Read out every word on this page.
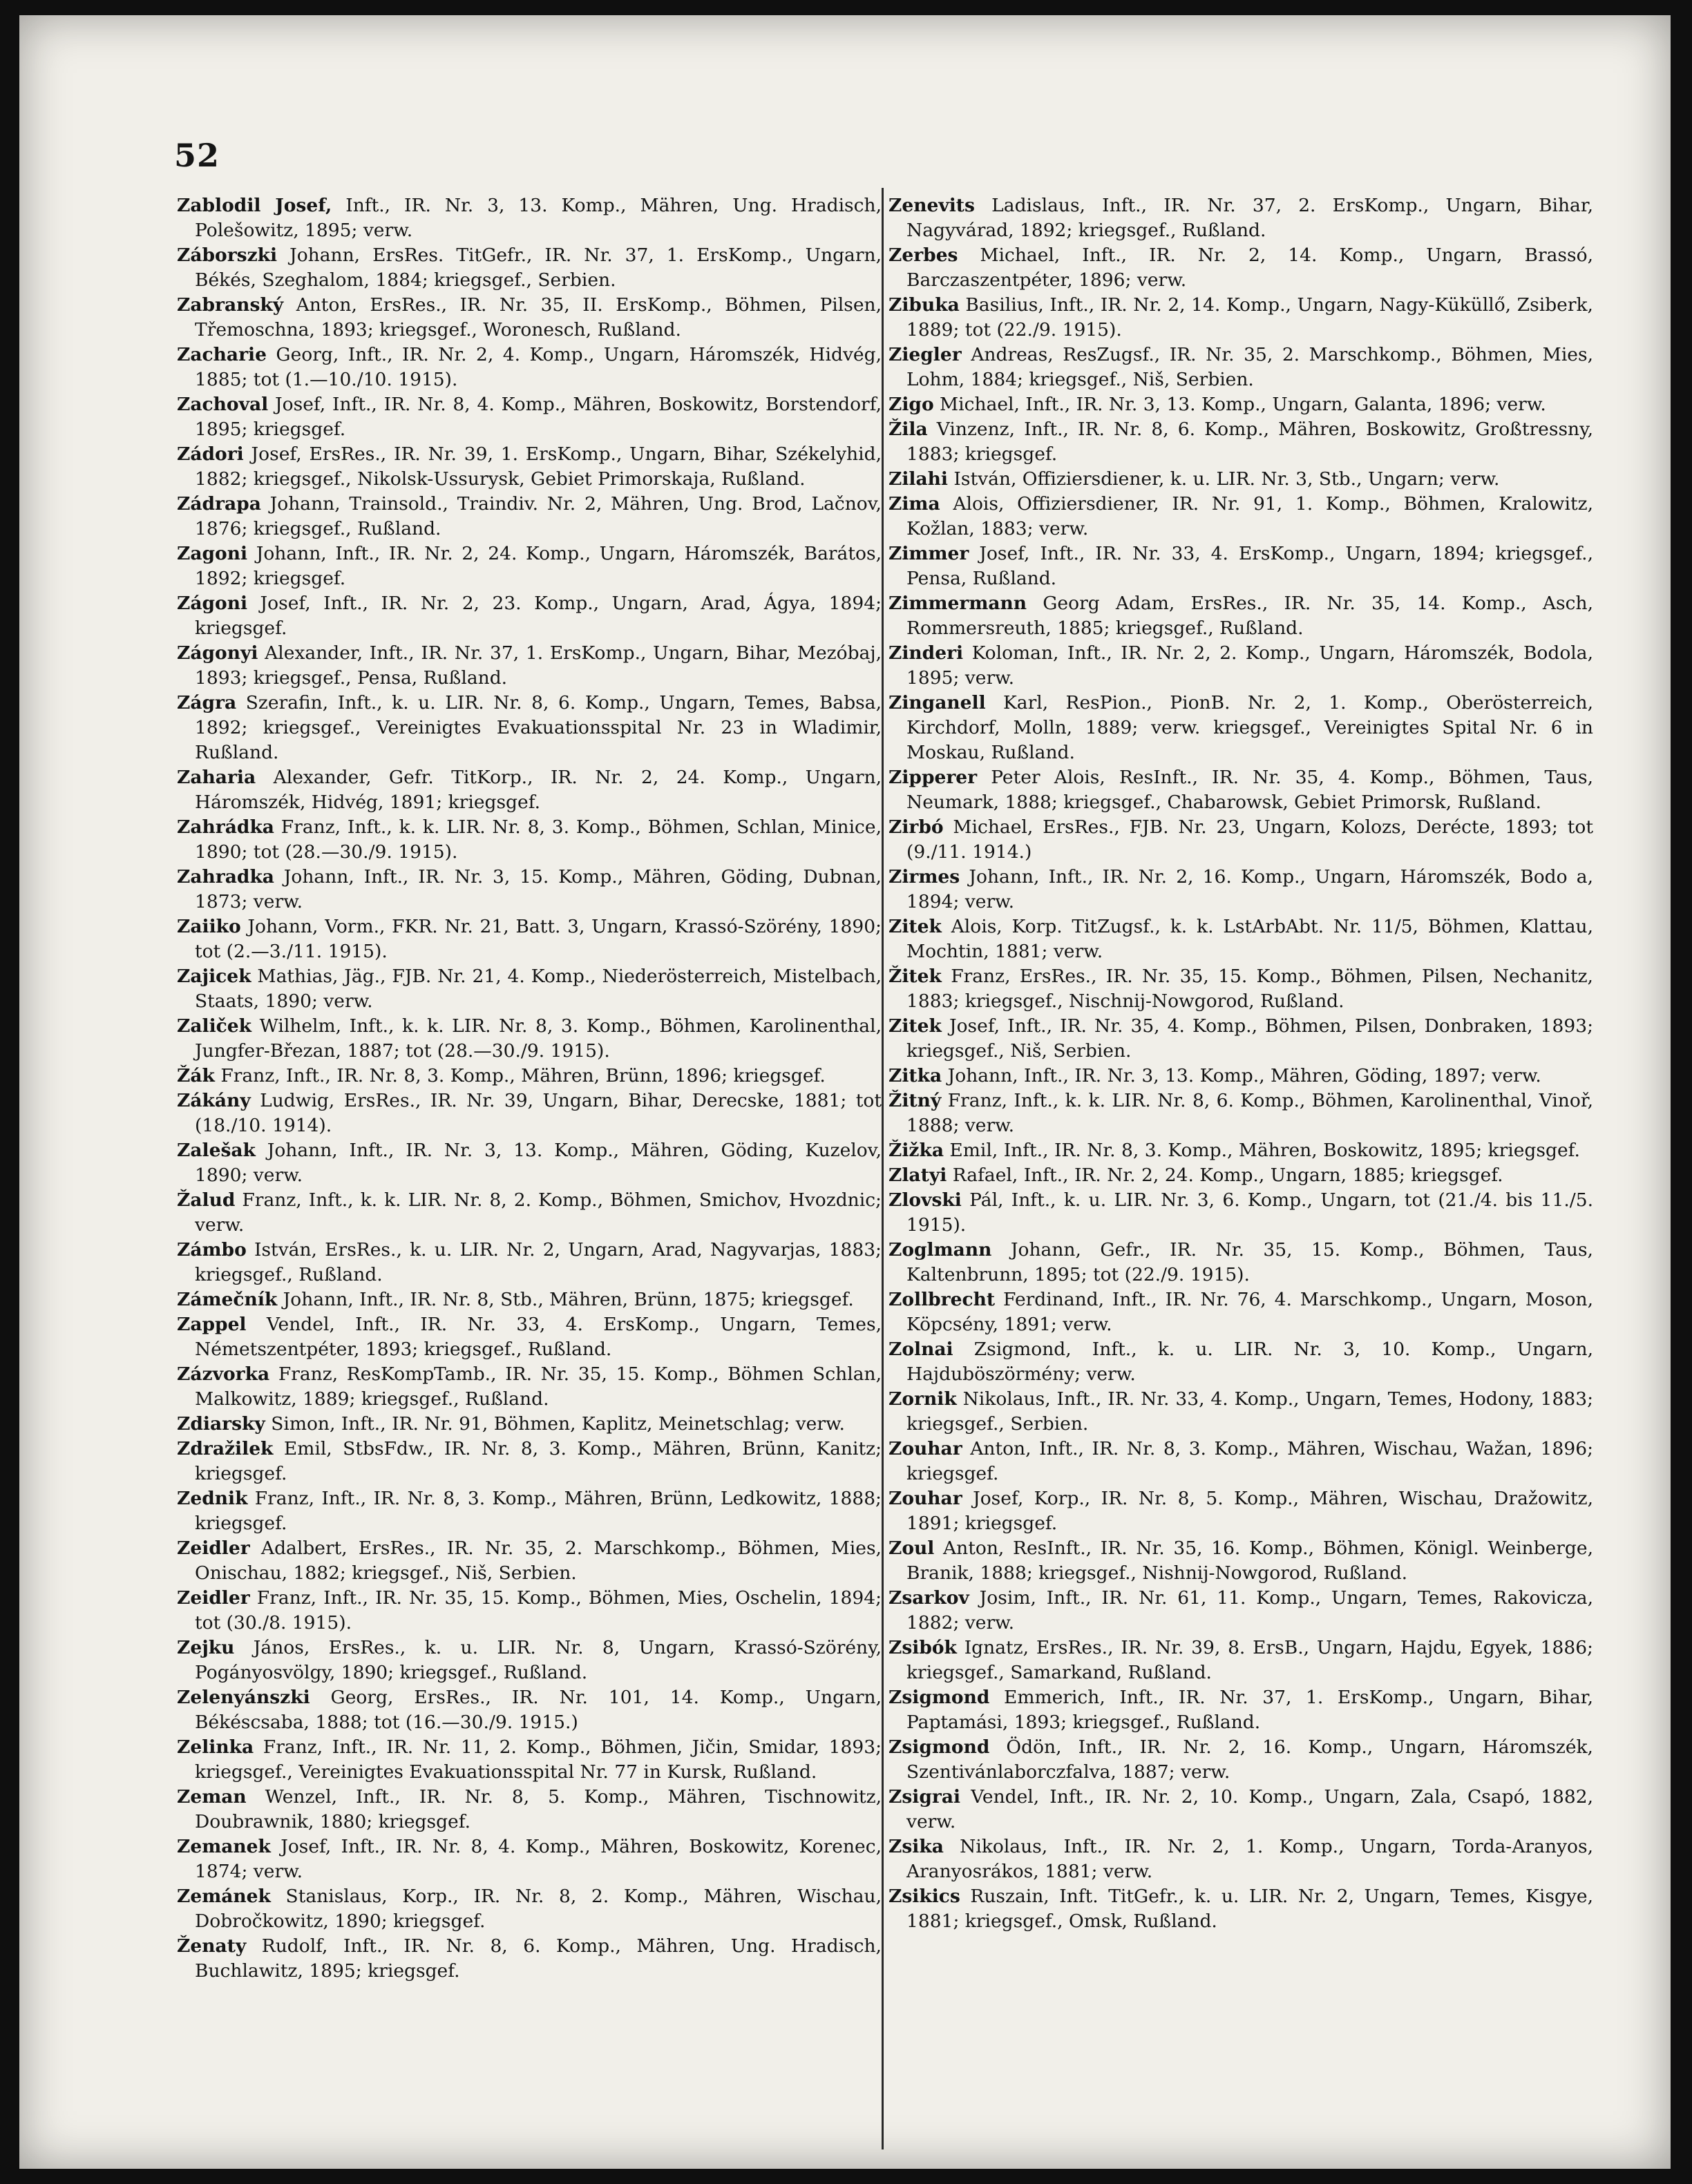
52
Zablodil Josef, Inft., IR. Nr. 3, 13. Komp., Mähren, Ung. Hradisch, Polešowitz, 1895; verw.
Záborszki Johann, ErsRes. TitGefr., IR. Nr. 37, 1. ErsKomp., Ungarn, Békés, Szeghalom, 1884; kriegsgef., Serbien.
Zabranský Anton, ErsRes., IR. Nr. 35, II. ErsKomp., Böhmen, Pilsen, Třemoschna, 1893; kriegsgef., Woronesch, Rußland.
Zacharie Georg, Inft., IR. Nr. 2, 4. Komp., Ungarn, Háromszék, Hidvég, 1885; tot (1.—10./10. 1915).
Zachoval Josef, Inft., IR. Nr. 8, 4. Komp., Mähren, Boskowitz, Borstendorf, 1895; kriegsgef.
Zádori Josef, ErsRes., IR. Nr. 39, 1. ErsKomp., Ungarn, Bihar, Székelyhid, 1882; kriegsgef., Nikolsk-Ussurysk, Gebiet Primorskaja, Rußland.
Zádrapa Johann, Trainsold., Traindiv. Nr. 2, Mähren, Ung. Brod, Lačnov, 1876; kriegsgef., Rußland.
Zagoni Johann, Inft., IR. Nr. 2, 24. Komp., Ungarn, Háromszék, Barátos, 1892; kriegsgef.
Zágoni Josef, Inft., IR. Nr. 2, 23. Komp., Ungarn, Arad, Ágya, 1894; kriegsgef.
Zágonyi Alexander, Inft., IR. Nr. 37, 1. ErsKomp., Ungarn, Bihar, Mezóbaj, 1893; kriegsgef., Pensa, Rußland.
Zágra Szerafin, Inft., k. u. LIR. Nr. 8, 6. Komp., Ungarn, Temes, Babsa, 1892; kriegsgef., Vereinigtes Evakuationsspital Nr. 23 in Wladimir, Rußland.
Zaharia Alexander, Gefr. TitKorp., IR. Nr. 2, 24. Komp., Ungarn, Háromszék, Hidvég, 1891; kriegsgef.
Zahrádka Franz, Inft., k. k. LIR. Nr. 8, 3. Komp., Böhmen, Schlan, Minice, 1890; tot (28.—30./9. 1915).
Zahradka Johann, Inft., IR. Nr. 3, 15. Komp., Mähren, Göding, Dubnan, 1873; verw.
Zaiiko Johann, Vorm., FKR. Nr. 21, Batt. 3, Ungarn, Krassó-Szörény, 1890; tot (2.—3./11. 1915).
Zajicek Mathias, Jäg., FJB. Nr. 21, 4. Komp., Niederösterreich, Mistelbach, Staats, 1890; verw.
Zaliček Wilhelm, Inft., k. k. LIR. Nr. 8, 3. Komp., Böhmen, Karolinenthal, Jungfer-Březan, 1887; tot (28.—30./9. 1915).
Žák Franz, Inft., IR. Nr. 8, 3. Komp., Mähren, Brünn, 1896; kriegsgef.
Zákány Ludwig, ErsRes., IR. Nr. 39, Ungarn, Bihar, Derecske, 1881; tot (18./10. 1914).
Zalešak Johann, Inft., IR. Nr. 3, 13. Komp., Mähren, Göding, Kuzelov, 1890; verw.
Žalud Franz, Inft., k. k. LIR. Nr. 8, 2. Komp., Böhmen, Smichov, Hvozdnic; verw.
Zámbo István, ErsRes., k. u. LIR. Nr. 2, Ungarn, Arad, Nagyvarjas, 1883; kriegsgef., Rußland.
Zámečník Johann, Inft., IR. Nr. 8, Stb., Mähren, Brünn, 1875; kriegsgef.
Zappel Vendel, Inft., IR. Nr. 33, 4. ErsKomp., Ungarn, Temes, Németszentpéter, 1893; kriegsgef., Rußland.
Zázvorka Franz, ResKompTamb., IR. Nr. 35, 15. Komp., Böhmen Schlan, Malkowitz, 1889; kriegsgef., Rußland.
Zdiarsky Simon, Inft., IR. Nr. 91, Böhmen, Kaplitz, Meinetschlag; verw.
Zdražilek Emil, StbsFdw., IR. Nr. 8, 3. Komp., Mähren, Brünn, Kanitz; kriegsgef.
Zednik Franz, Inft., IR. Nr. 8, 3. Komp., Mähren, Brünn, Ledkowitz, 1888; kriegsgef.
Zeidler Adalbert, ErsRes., IR. Nr. 35, 2. Marschkomp., Böhmen, Mies, Onischau, 1882; kriegsgef., Niš, Serbien.
Zeidler Franz, Inft., IR. Nr. 35, 15. Komp., Böhmen, Mies, Oschelin, 1894; tot (30./8. 1915).
Zejku János, ErsRes., k. u. LIR. Nr. 8, Ungarn, Krassó-Szörény, Pogányosvölgy, 1890; kriegsgef., Rußland.
Zelenyánszki Georg, ErsRes., IR. Nr. 101, 14. Komp., Ungarn, Békéscsaba, 1888; tot (16.—30./9. 1915.)
Zelinka Franz, Inft., IR. Nr. 11, 2. Komp., Böhmen, Jičin, Smidar, 1893; kriegsgef., Vereinigtes Evakuationsspital Nr. 77 in Kursk, Rußland.
Zeman Wenzel, Inft., IR. Nr. 8, 5. Komp., Mähren, Tischnowitz, Doubrawnik, 1880; kriegsgef.
Zemanek Josef, Inft., IR. Nr. 8, 4. Komp., Mähren, Boskowitz, Korenec, 1874; verw.
Zemánek Stanislaus, Korp., IR. Nr. 8, 2. Komp., Mähren, Wischau, Dobročkowitz, 1890; kriegsgef.
Ženaty Rudolf, Inft., IR. Nr. 8, 6. Komp., Mähren, Ung. Hradisch, Buchlawitz, 1895; kriegsgef.
Zenevits Ladislaus, Inft., IR. Nr. 37, 2. ErsKomp., Ungarn, Bihar, Nagyvárad, 1892; kriegsgef., Rußland.
Zerbes Michael, Inft., IR. Nr. 2, 14. Komp., Ungarn, Brassó, Barczaszentpéter, 1896; verw.
Zibuka Basilius, Inft., IR. Nr. 2, 14. Komp., Ungarn, Nagy-Küküllő, Zsiberk, 1889; tot (22./9. 1915).
Ziegler Andreas, ResZugsf., IR. Nr. 35, 2. Marschkomp., Böhmen, Mies, Lohm, 1884; kriegsgef., Niš, Serbien.
Zigo Michael, Inft., IR. Nr. 3, 13. Komp., Ungarn, Galanta, 1896; verw.
Žila Vinzenz, Inft., IR. Nr. 8, 6. Komp., Mähren, Boskowitz, Großtressny, 1883; kriegsgef.
Zilahi István, Offiziersdiener, k. u. LIR. Nr. 3, Stb., Ungarn; verw.
Zima Alois, Offiziersdiener, IR. Nr. 91, 1. Komp., Böhmen, Kralowitz, Kožlan, 1883; verw.
Zimmer Josef, Inft., IR. Nr. 33, 4. ErsKomp., Ungarn, 1894; kriegsgef., Pensa, Rußland.
Zimmermann Georg Adam, ErsRes., IR. Nr. 35, 14. Komp., Asch, Rommersreuth, 1885; kriegsgef., Rußland.
Zinderi Koloman, Inft., IR. Nr. 2, 2. Komp., Ungarn, Háromszék, Bodola, 1895; verw.
Zinganell Karl, ResPion., PionB. Nr. 2, 1. Komp., Oberösterreich, Kirchdorf, Molln, 1889; verw. kriegsgef., Vereinigtes Spital Nr. 6 in Moskau, Rußland.
Zipperer Peter Alois, ResInft., IR. Nr. 35, 4. Komp., Böhmen, Taus, Neumark, 1888; kriegsgef., Chabarowsk, Gebiet Primorsk, Rußland.
Zirbó Michael, ErsRes., FJB. Nr. 23, Ungarn, Kolozs, Derécte, 1893; tot (9./11. 1914.)
Zirmes Johann, Inft., IR. Nr. 2, 16. Komp., Ungarn, Háromszék, Bodo a, 1894; verw.
Zitek Alois, Korp. TitZugsf., k. k. LstArbAbt. Nr. 11/5, Böhmen, Klattau, Mochtin, 1881; verw.
Žitek Franz, ErsRes., IR. Nr. 35, 15. Komp., Böhmen, Pilsen, Nechanitz, 1883; kriegsgef., Nischnij-Nowgorod, Rußland.
Zitek Josef, Inft., IR. Nr. 35, 4. Komp., Böhmen, Pilsen, Donbraken, 1893; kriegsgef., Niš, Serbien.
Zitka Johann, Inft., IR. Nr. 3, 13. Komp., Mähren, Göding, 1897; verw.
Žitný Franz, Inft., k. k. LIR. Nr. 8, 6. Komp., Böhmen, Karolinenthal, Vinoř, 1888; verw.
Žižka Emil, Inft., IR. Nr. 8, 3. Komp., Mähren, Boskowitz, 1895; kriegsgef.
Zlatyi Rafael, Inft., IR. Nr. 2, 24. Komp., Ungarn, 1885; kriegsgef.
Zlovski Pál, Inft., k. u. LIR. Nr. 3, 6. Komp., Ungarn, tot (21./4. bis 11./5. 1915).
Zoglmann Johann, Gefr., IR. Nr. 35, 15. Komp., Böhmen, Taus, Kaltenbrunn, 1895; tot (22./9. 1915).
Zollbrecht Ferdinand, Inft., IR. Nr. 76, 4. Marschkomp., Ungarn, Moson, Köpcsény, 1891; verw.
Zolnai Zsigmond, Inft., k. u. LIR. Nr. 3, 10. Komp., Ungarn, Hajduböszörmény; verw.
Zornik Nikolaus, Inft., IR. Nr. 33, 4. Komp., Ungarn, Temes, Hodony, 1883; kriegsgef., Serbien.
Zouhar Anton, Inft., IR. Nr. 8, 3. Komp., Mähren, Wischau, Wažan, 1896; kriegsgef.
Zouhar Josef, Korp., IR. Nr. 8, 5. Komp., Mähren, Wischau, Dražowitz, 1891; kriegsgef.
Zoul Anton, ResInft., IR. Nr. 35, 16. Komp., Böhmen, Königl. Weinberge, Branik, 1888; kriegsgef., Nishnij-Nowgorod, Rußland.
Zsarkov Josim, Inft., IR. Nr. 61, 11. Komp., Ungarn, Temes, Rakovicza, 1882; verw.
Zsibók Ignatz, ErsRes., IR. Nr. 39, 8. ErsB., Ungarn, Hajdu, Egyek, 1886; kriegsgef., Samarkand, Rußland.
Zsigmond Emmerich, Inft., IR. Nr. 37, 1. ErsKomp., Ungarn, Bihar, Paptamási, 1893; kriegsgef., Rußland.
Zsigmond Ödön, Inft., IR. Nr. 2, 16. Komp., Ungarn, Háromszék, Szentivánlaborczfalva, 1887; verw.
Zsigrai Vendel, Inft., IR. Nr. 2, 10. Komp., Ungarn, Zala, Csapó, 1882, verw.
Zsika Nikolaus, Inft., IR. Nr. 2, 1. Komp., Ungarn, Torda-Aranyos, Aranyosrákos, 1881; verw.
Zsikics Ruszain, Inft. TitGefr., k. u. LIR. Nr. 2, Ungarn, Temes, Kisgye, 1881; kriegsgef., Omsk, Rußland.
